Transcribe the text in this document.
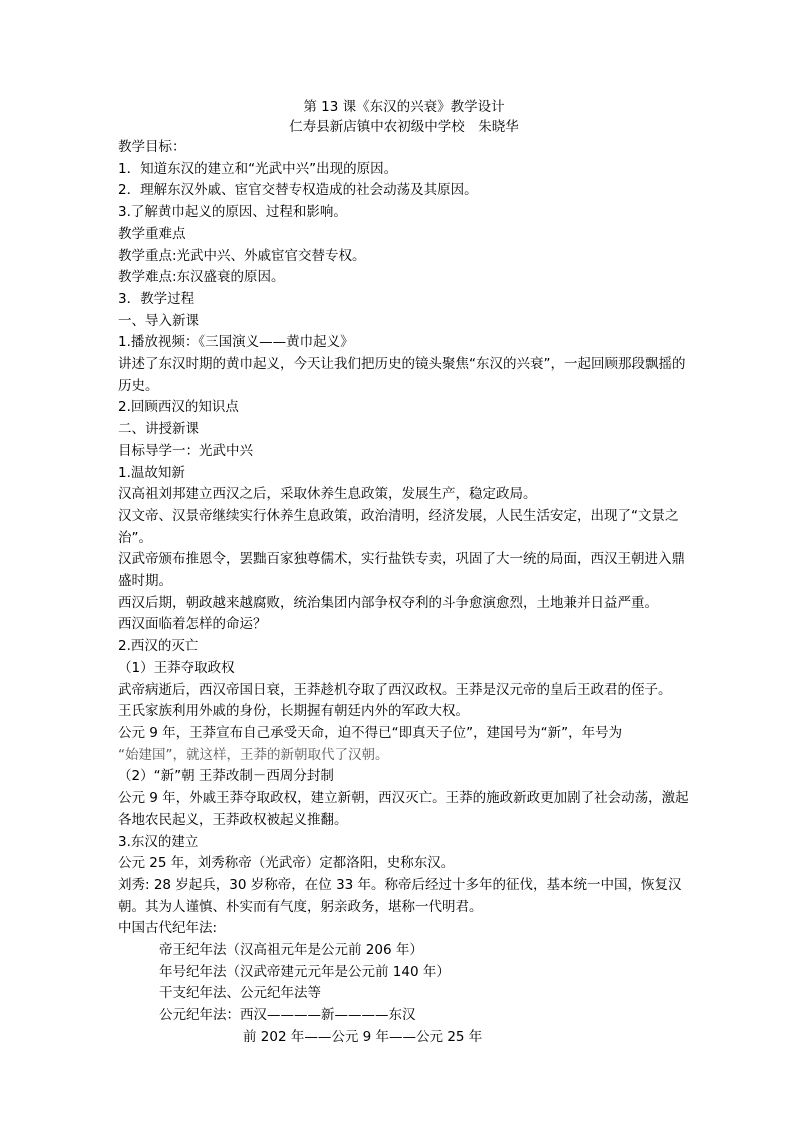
第 13 课《东汉的兴衰》教学设计
仁寿县新店镇中农初级中学校　朱晓华
教学目标：
1．知道东汉的建立和“光武中兴”出现的原因。
2．理解东汉外戚、宦官交替专权造成的社会动荡及其原因。
3.了解黄巾起义的原因、过程和影响。
教学重难点
教学重点:光武中兴、外戚宦官交替专权。
教学难点:东汉盛衰的原因。
3．教学过程
一、导入新课
1.播放视频：《三国演义——黄巾起义》
讲述了东汉时期的黄巾起义，今天让我们把历史的镜头聚焦“东汉的兴衰”，一起回顾那段飘摇的历史。
2.回顾西汉的知识点
二、讲授新课
目标导学一：光武中兴
1.温故知新
汉高祖刘邦建立西汉之后，采取休养生息政策，发展生产，稳定政局。
汉文帝、汉景帝继续实行休养生息政策，政治清明，经济发展，人民生活安定，出现了“文景之治”。
汉武帝颁布推恩令，罢黜百家独尊儒术，实行盐铁专卖，巩固了大一统的局面，西汉王朝进入鼎盛时期。
西汉后期，朝政越来越腐败，统治集团内部争权夺利的斗争愈演愈烈，土地兼并日益严重。
西汉面临着怎样的命运？
2.西汉的灭亡
（1）王莽夺取政权
武帝病逝后，西汉帝国日衰，王莽趁机夺取了西汉政权。王莽是汉元帝的皇后王政君的侄子。
王氏家族利用外戚的身份，长期握有朝廷内外的军政大权。
公元 9 年，王莽宣布自己承受天命，迫不得已“即真天子位”，建国号为“新”，年号为
“始建国”，就这样，王莽的新朝取代了汉朝。
（2）“新”朝 王莽改制－西周分封制
公元 9 年，外戚王莽夺取政权，建立新朝，西汉灭亡。王莽的施政新政更加剧了社会动荡，激起各地农民起义，王莽政权被起义推翻。
3.东汉的建立
公元 25 年，刘秀称帝（光武帝）定都洛阳，史称东汉。
刘秀: 28 岁起兵，30 岁称帝，在位 33 年。称帝后经过十多年的征伐，基本统一中国，恢复汉朝。其为人谨慎、朴实而有气度，躬亲政务，堪称一代明君。
中国古代纪年法:
帝王纪年法（汉高祖元年是公元前 206 年）
年号纪年法（汉武帝建元元年是公元前 140 年）
干支纪年法、公元纪年法等
公元纪年法：西汉————新————东汉
前 202 年——公元 9 年——公元 25 年
